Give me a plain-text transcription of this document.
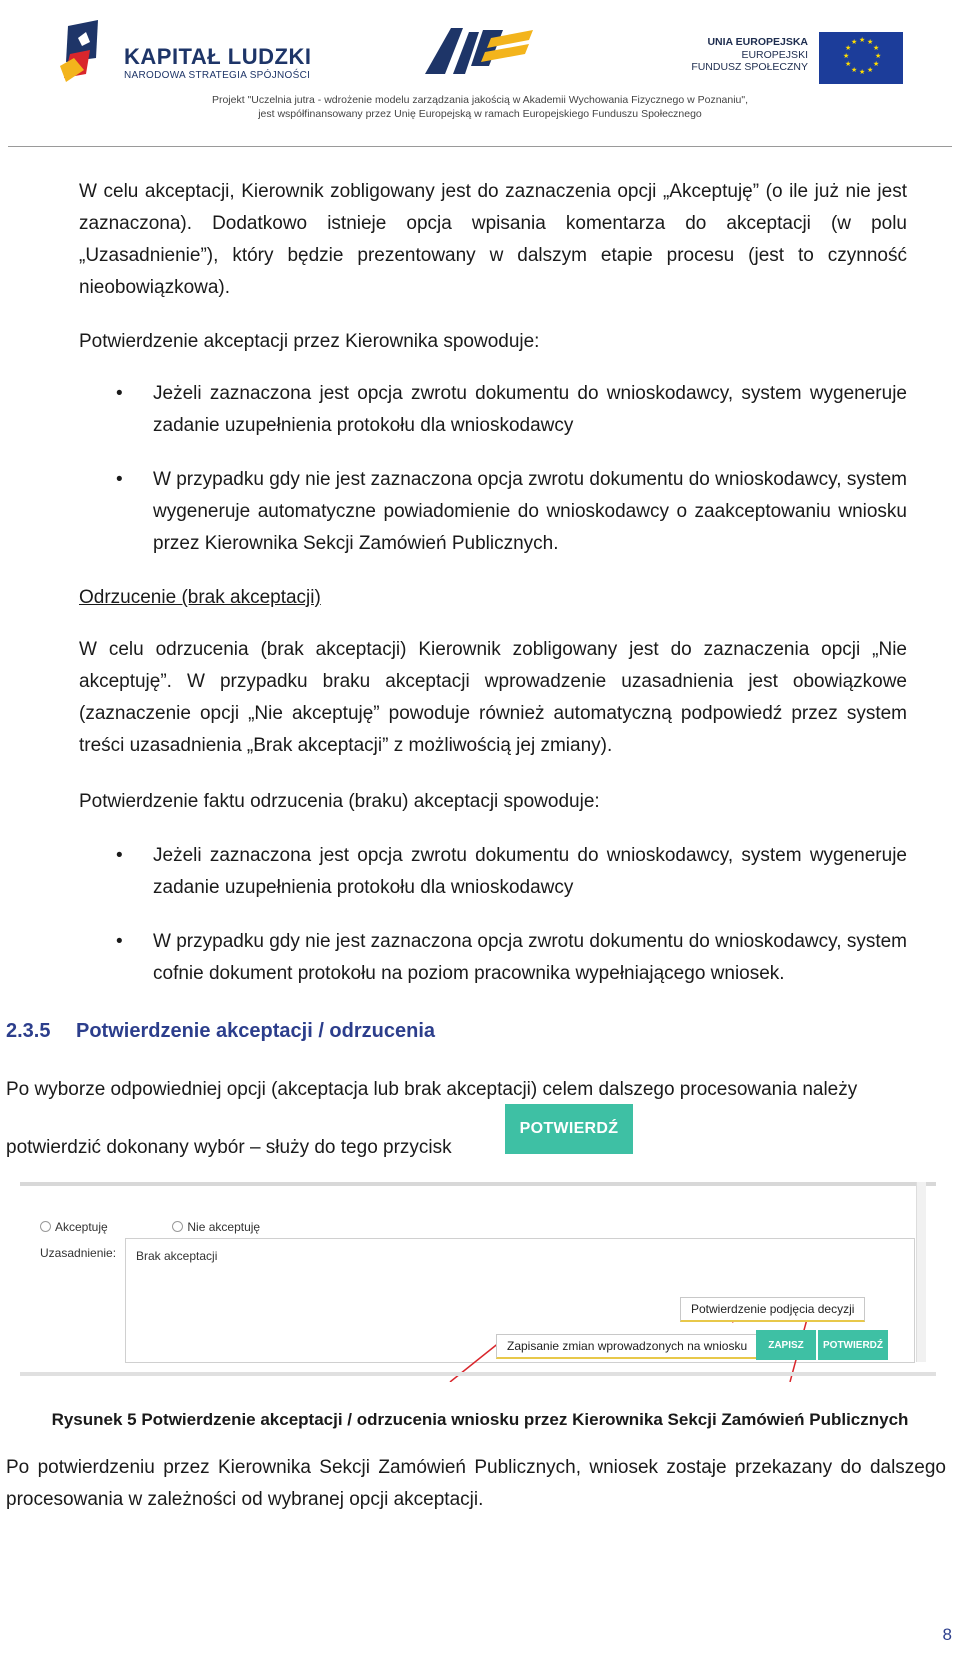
KAPITAŁ LUDZKI
NARODOWA STRATEGIA SPÓJNOŚCI
UNIA EUROPEJSKA
EUROPEJSKI
FUNDUSZ SPOŁECZNY
★ ★
★
★
★
★
★
★
★
★
★
★
Projekt "Uczelnia jutra - wdrożenie modelu zarządzania jakością w Akademii Wychowania Fizycznego w Poznaniu",
jest współfinansowany przez Unię Europejską w ramach Europejskiego Funduszu Społecznego
W celu akceptacji, Kierownik zobligowany jest do zaznaczenia opcji „Akceptuję” (o ile już nie jest zaznaczona). Dodatkowo istnieje opcja wpisania komentarza do akceptacji (w polu „Uzasadnienie”), który będzie prezentowany w dalszym etapie procesu (jest to czynność nieobowiązkowa).
Potwierdzenie akceptacji przez Kierownika spowoduje:
• Jeżeli zaznaczona jest opcja zwrotu dokumentu do wnioskodawcy, system wygeneruje zadanie uzupełnienia protokołu dla wnioskodawcy
• W przypadku gdy nie jest zaznaczona opcja zwrotu dokumentu do wnioskodawcy, system wygeneruje automatyczne powiadomienie do wnioskodawcy o zaakceptowaniu wniosku przez Kierownika Sekcji Zamówień Publicznych.
Odrzucenie (brak akceptacji)
W celu odrzucenia (brak akceptacji) Kierownik zobligowany jest do zaznaczenia opcji „Nie akceptuję”. W przypadku braku akceptacji wprowadzenie uzasadnienia jest obowiązkowe (zaznaczenie opcji „Nie akceptuję” powoduje również automatyczną podpowiedź przez system treści uzasadnienia „Brak akceptacji” z możliwością jej zmiany).
Potwierdzenie faktu odrzucenia (braku) akceptacji spowoduje:
• Jeżeli zaznaczona jest opcja zwrotu dokumentu do wnioskodawcy, system wygeneruje zadanie uzupełnienia protokołu dla wnioskodawcy
• W przypadku gdy nie jest zaznaczona opcja zwrotu dokumentu do wnioskodawcy, system cofnie dokument protokołu na poziom pracownika wypełniającego wniosek.
2.3.5 Potwierdzenie akceptacji / odrzucenia
Po wyborze odpowiedniej opcji (akceptacja lub brak akceptacji) celem dalszego procesowania należy
potwierdzić dokonany wybór – służy do tego przycisk
POTWIERDŹ
Akceptuję	Nie akceptuję
Uzasadnienie: Brak akceptacji
Potwierdzenie podjęcia decyzji
Zapisanie zmian wprowadzonych na wniosku	ZAPISZ	POTWIERDŹ
Rysunek 5 Potwierdzenie akceptacji / odrzucenia wniosku przez Kierownika Sekcji Zamówień Publicznych
Po potwierdzeniu przez Kierownika Sekcji Zamówień Publicznych, wniosek zostaje przekazany do dalszego procesowania w zależności od wybranej opcji akceptacji.
8
